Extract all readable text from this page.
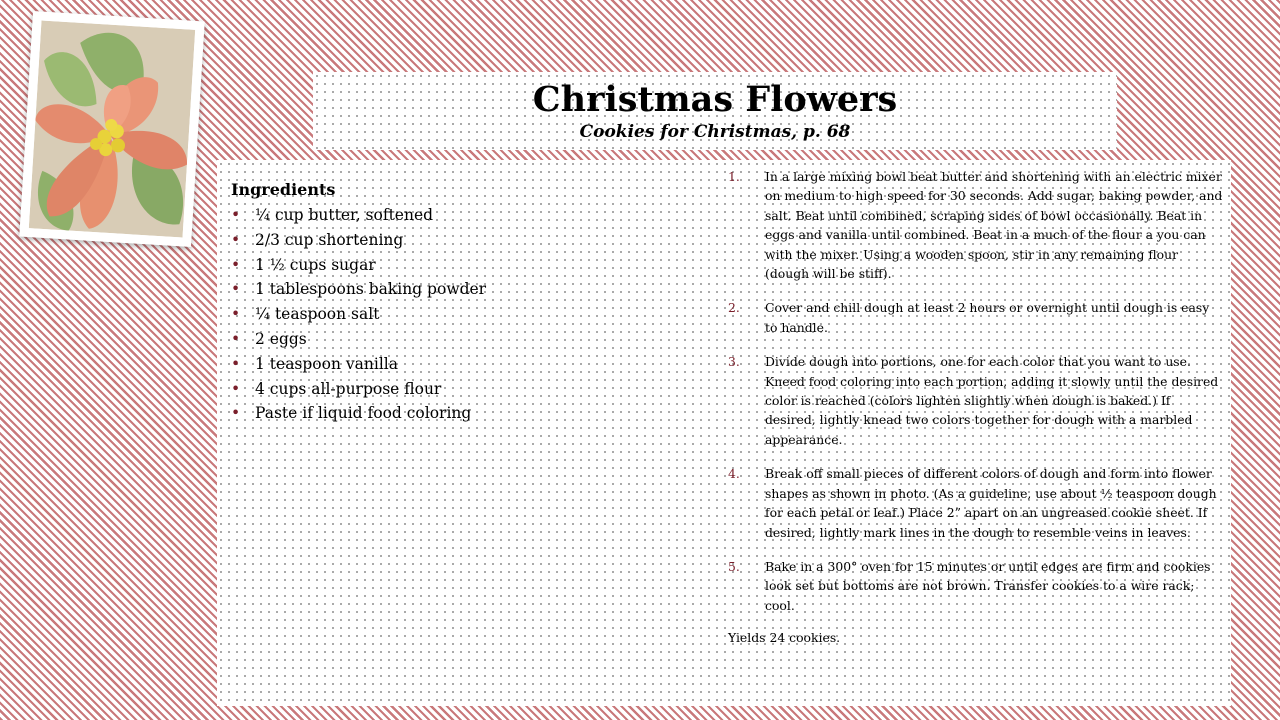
Christmas Flowers

Cookies for Christmas, p. 68

Ingredients
• ¼ cup butter, softened
• 2/3 cup shortening
• 1 ½ cups sugar
• 1 tablespoons baking powder
• ¼ teaspoon salt
• 2 eggs
• 1 teaspoon vanilla
• 4 cups all-purpose flour
• Paste if liquid food coloring
1. In a large mixing bowl beat butter and shortening with an electric mixer on medium to high speed for 30 seconds. Add sugar, baking powder, and salt. Beat until combined, scraping sides of bowl occasionally. Beat in eggs and vanilla until combined. Beat in a much of the flour a you can with the mixer. Using a wooden spoon, stir in any remaining flour (dough will be stiff).
2. Cover and chill dough at least 2 hours or overnight until dough is easy to handle.
3. Divide dough into portions, one for each color that you want to use. Kneed food coloring into each portion, adding it slowly until the desired color is reached (colors lighten slightly when dough is baked.) If desired, lightly knead two colors together for dough with a marbled appearance.
4. Break off small pieces of different colors of dough and form into flower shapes as shown in photo. (As a guideline, use about ½ teaspoon dough for each petal or leaf.) Place 2” apart on an ungreased cookie sheet. If desired, lightly mark lines in the dough to resemble veins in leaves.
5. Bake in a 300° oven for 15 minutes or until edges are firm and cookies look set but bottoms are not brown. Transfer cookies to a wire rack; cool.
Yields 24 cookies.
